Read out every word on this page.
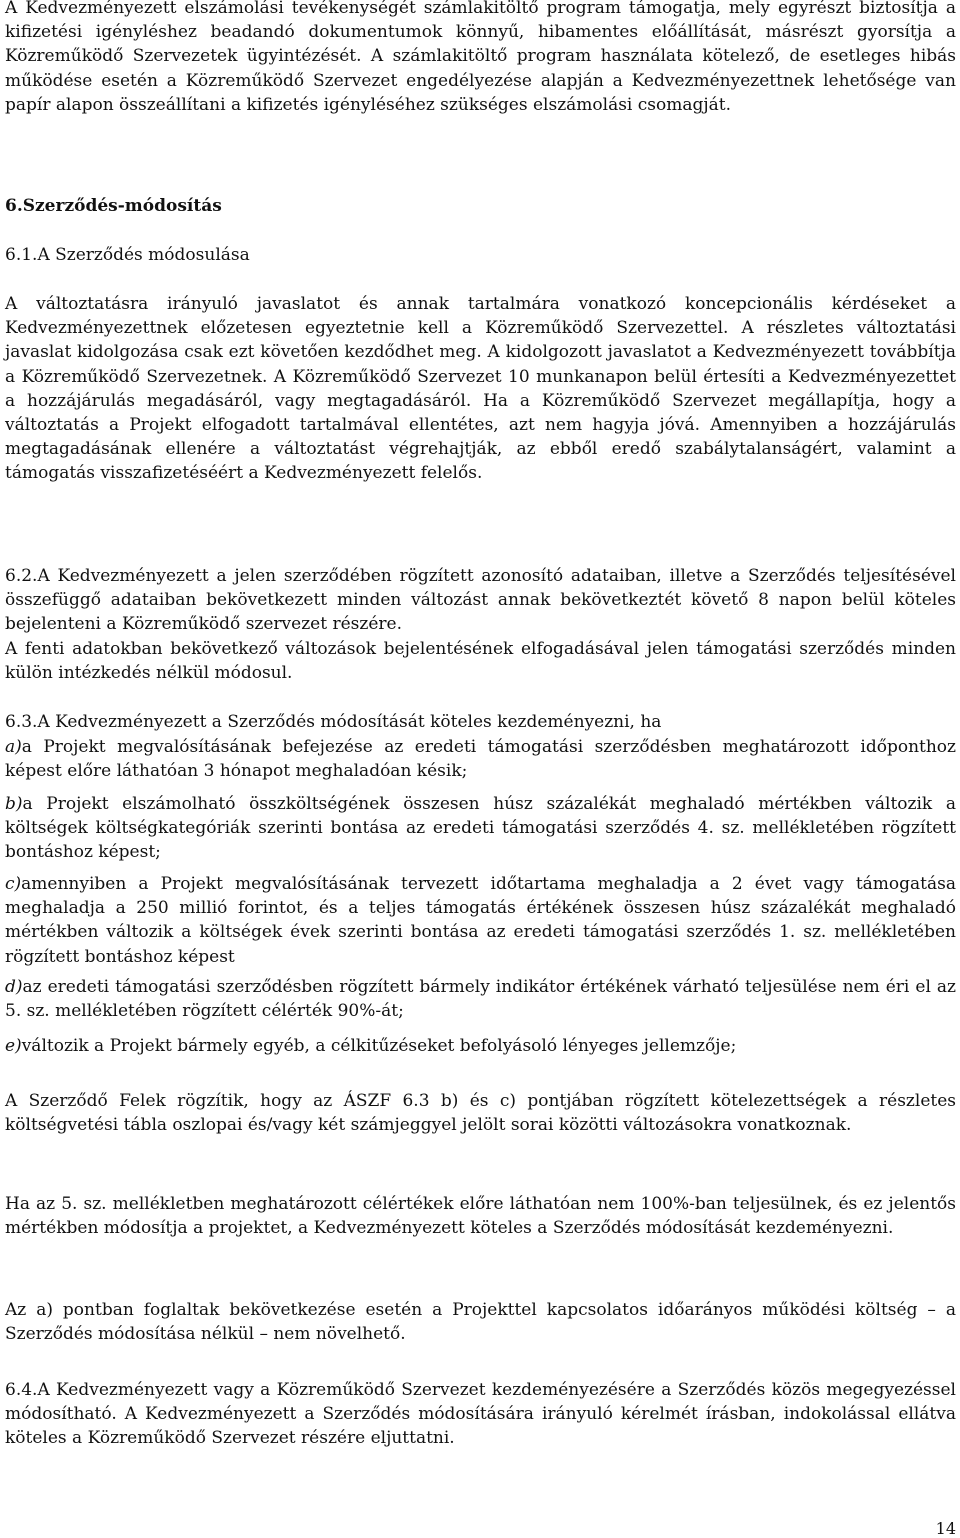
A Kedvezményezett elszámolási tevékenységét számlakitöltő program támogatja, mely egyrészt biztosítja a kifizetési igényléshez beadandó dokumentumok könnyű, hibamentes előállítását, másrészt gyorsítja a Közreműködő Szervezetek ügyintézését. A számlakitöltő program használata kötelező, de esetleges hibás működése esetén a Közreműködő Szervezet engedélyezése alapján a Kedvezményezettnek lehetősége van papír alapon összeállítani a kifizetés igényléséhez szükséges elszámolási csomagját.

6.Szerződés-módosítás
6.1.A Szerződés módosulása

A változtatásra irányuló javaslatot és annak tartalmára vonatkozó koncepcionális kérdéseket a Kedvezményezettnek előzetesen egyeztetnie kell a Közreműködő Szervezettel. A részletes változtatási javaslat kidolgozása csak ezt követően kezdődhet meg. A kidolgozott javaslatot a Kedvezményezett továbbítja a Közreműködő Szervezetnek. A Közreműködő Szervezet 10 munkanapon belül értesíti a Kedvezményezettet a hozzájárulás megadásáról, vagy megtagadásáról. Ha a Közreműködő Szervezet megállapítja, hogy a változtatás a Projekt elfogadott tartalmával ellentétes, azt nem hagyja jóvá. Amennyiben a hozzájárulás megtagadásának ellenére a változtatást végrehajtják, az ebből eredő szabálytalanságért, valamint a támogatás visszafizetéséért a Kedvezményezett felelős.

6.2.A Kedvezményezett a jelen szerződében rögzített azonosító adataiban, illetve a Szerződés teljesítésével összefüggő adataiban bekövetkezett minden változást annak bekövetkeztét követő 8 napon belül köteles bejelenteni a Közreműködő szervezet részére.

A fenti adatokban bekövetkező változások bejelentésének elfogadásával jelen támogatási szerződés minden külön intézkedés nélkül módosul.

6.3.A Kedvezményezett a Szerződés módosítását köteles kezdeményezni, ha

a)a Projekt megvalósításának befejezése az eredeti támogatási szerződésben meghatározott időponthoz képest előre láthatóan 3 hónapot meghaladóan késik;

b)a Projekt elszámolható összköltségének összesen húsz százalékát meghaladó mértékben változik a költségek költségkategóriák szerinti bontása az eredeti támogatási szerződés 4. sz. mellékletében rögzített bontáshoz képest;

c)amennyiben a Projekt megvalósításának tervezett időtartama meghaladja a 2 évet vagy támogatása meghaladja a 250 millió forintot, és a teljes támogatás értékének összesen húsz százalékát meghaladó mértékben változik a költségek évek szerinti bontása az eredeti támogatási szerződés 1. sz. mellékletében rögzített bontáshoz képest

d)az eredeti támogatási szerződésben rögzített bármely indikátor értékének várható teljesülése nem éri el az 5. sz. mellékletében rögzített célérték 90%-át;

e)változik a Projekt bármely egyéb, a célkitűzéseket befolyásoló lényeges jellemzője;

A Szerződő Felek rögzítik, hogy az ÁSZF 6.3 b) és c) pontjában rögzített kötelezettségek a részletes költségvetési tábla oszlopai és/vagy két számjeggyel jelölt sorai közötti változásokra vonatkoznak.

Ha az 5. sz. mellékletben meghatározott célértékek előre láthatóan nem 100%-ban teljesülnek, és ez jelentős mértékben módosítja a projektet, a Kedvezményezett köteles a Szerződés módosítását kezdeményezni.

Az a) pontban foglaltak bekövetkezése esetén a Projekttel kapcsolatos időarányos működési költség – a Szerződés módosítása nélkül – nem növelhető.

6.4.A Kedvezményezett vagy a Közreműködő Szervezet kezdeményezésére a Szerződés közös megegyezéssel módosítható. A Kedvezményezett a Szerződés módosítására irányuló kérelmét írásban, indokolással ellátva köteles a Közreműködő Szervezet részére eljuttatni.

14
